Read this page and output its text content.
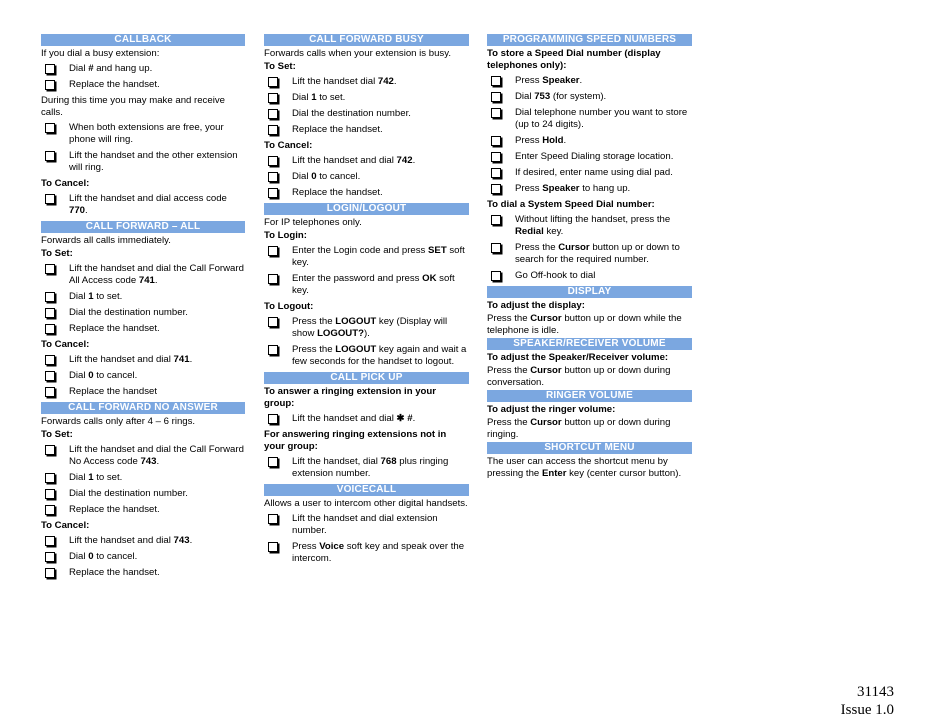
CALLBACK
If you dial a busy extension:
Dial # and hang up.
Replace the handset.
During this time you may make and receive calls.
When both extensions are free, your phone will ring.
Lift the handset and the other extension will ring.
To Cancel:
Lift the handset and dial access code 770.
CALL FORWARD – ALL
Forwards all calls immediately.
To Set:
Lift the handset and dial the Call Forward All Access code 741.
Dial 1 to set.
Dial the destination number.
Replace the handset.
To Cancel:
Lift the handset and dial 741.
Dial 0 to cancel.
Replace the handset
CALL FORWARD NO ANSWER
Forwards calls only after 4 – 6 rings.
To Set:
Lift the handset and dial the Call Forward No Access code 743.
Dial 1 to set.
Dial the destination number.
Replace the handset.
To Cancel:
Lift the handset and dial 743.
Dial 0 to cancel.
Replace the handset.
CALL FORWARD BUSY
Forwards calls when your extension is busy.
To Set:
Lift the handset dial 742.
Dial 1 to set.
Dial the destination number.
Replace the handset.
To Cancel:
Lift the handset and dial 742.
Dial 0 to cancel.
Replace the handset.
LOGIN/LOGOUT
For IP telephones only.
To Login:
Enter the Login code and press SET soft key.
Enter the password and press OK soft key.
To Logout:
Press the LOGOUT key (Display will show LOGOUT?).
Press the LOGOUT key again and wait a few seconds for the handset to logout.
CALL PICK UP
To answer a ringing extension in your group:
Lift the handset and dial ✱ #.
For answering ringing extensions not in your group:
Lift the handset, dial 768 plus ringing extension number.
VOICECALL
Allows a user to intercom other digital handsets.
Lift the handset and dial extension number.
Press Voice soft key and speak over the intercom.
PROGRAMMING SPEED NUMBERS
To store a Speed Dial number (display telephones only):
Press Speaker.
Dial 753 (for system).
Dial telephone number you want to store (up to 24 digits).
Press Hold.
Enter Speed Dialing storage location.
If desired, enter name using dial pad.
Press Speaker to hang up.
To dial a System Speed Dial number:
Without lifting the handset, press the Redial key.
Press the Cursor button up or down to search for the required number.
Go Off-hook to dial
DISPLAY
To adjust the display:
Press the Cursor button up or down while the telephone is idle.
SPEAKER/RECEIVER VOLUME
To adjust the Speaker/Receiver volume:
Press the Cursor button up or down during conversation.
RINGER VOLUME
To adjust the ringer volume:
Press the Cursor button up or down during ringing.
SHORTCUT MENU
The user can access the shortcut menu by pressing the Enter key (center cursor button).
31143
Issue 1.0
